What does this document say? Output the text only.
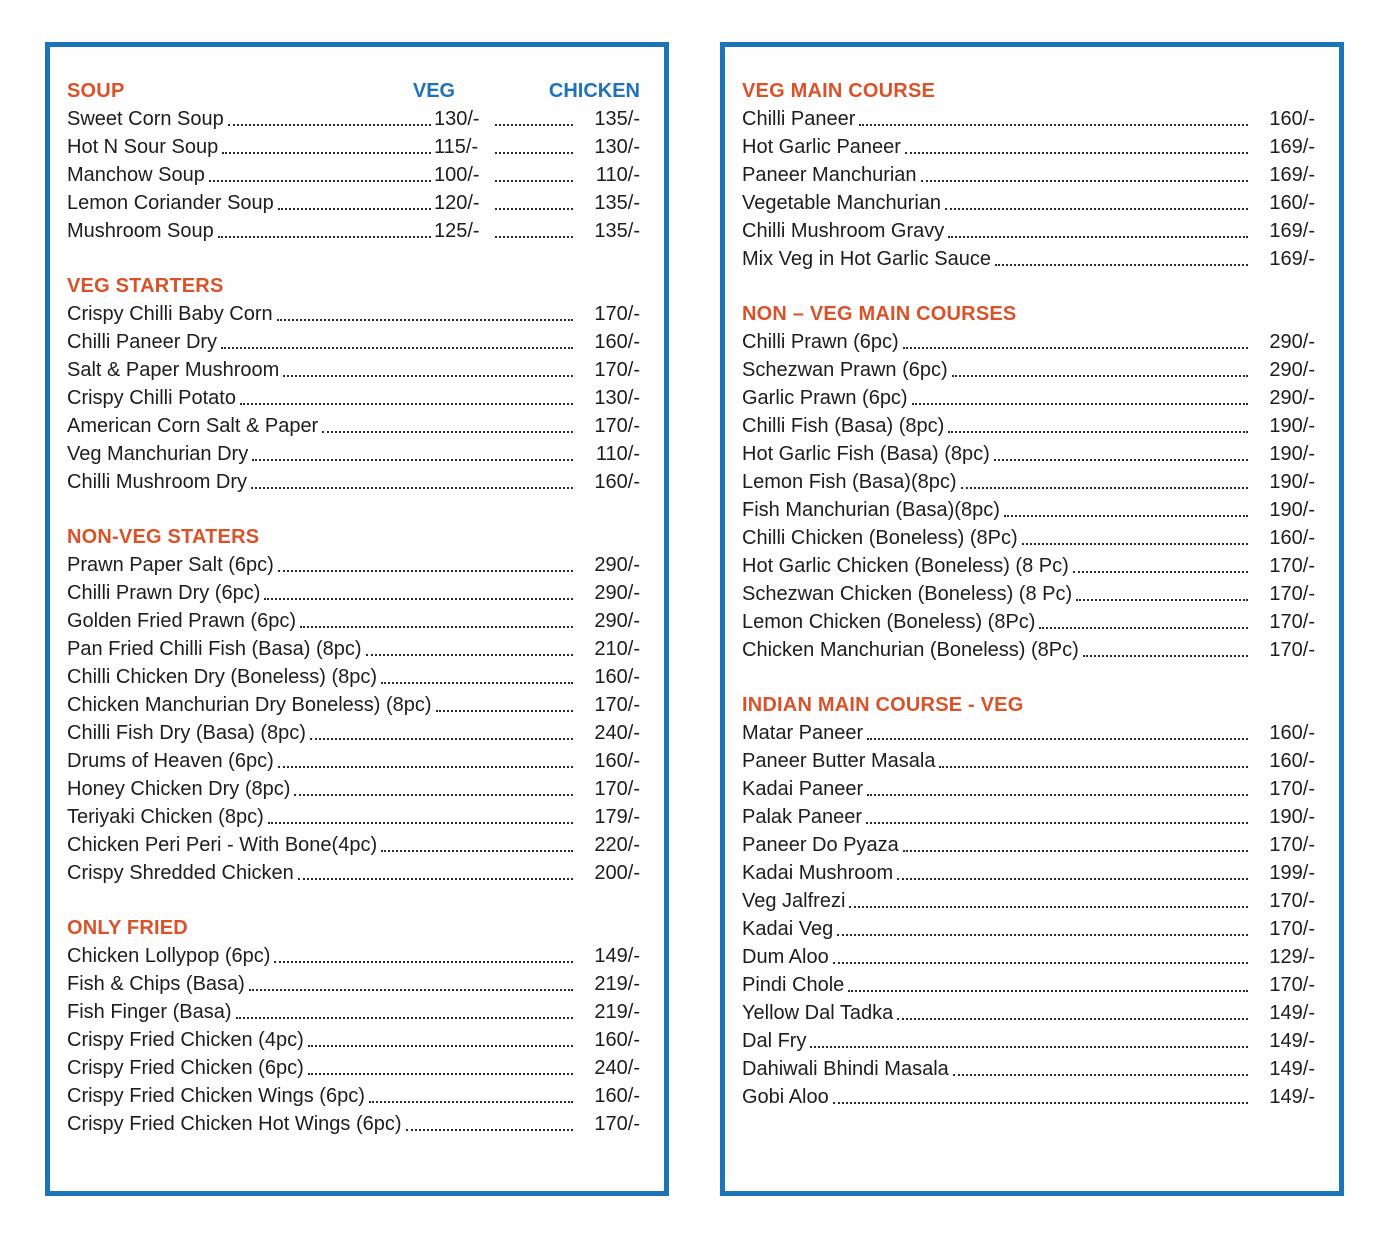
SOUP	VEG	CHICKEN
Sweet Corn Soup	130/-	135/-
Hot N Sour Soup	115/-	130/-
Manchow Soup	100/-	110/-
Lemon Coriander Soup	120/-	135/-
Mushroom Soup	125/-	135/-
VEG STARTERS
Crispy Chilli Baby Corn	170/-
Chilli Paneer Dry	160/-
Salt & Paper Mushroom	170/-
Crispy Chilli Potato	130/-
American Corn Salt & Paper	170/-
Veg Manchurian Dry	110/-
Chilli Mushroom Dry	160/-
NON-VEG STATERS
Prawn Paper Salt (6pc)	290/-
Chilli Prawn Dry (6pc)	290/-
Golden Fried Prawn (6pc)	290/-
Pan Fried Chilli Fish (Basa) (8pc)	210/-
Chilli Chicken Dry (Boneless) (8pc)	160/-
Chicken Manchurian Dry Boneless) (8pc)	170/-
Chilli Fish Dry (Basa) (8pc)	240/-
Drums of Heaven (6pc)	160/-
Honey Chicken Dry (8pc)	170/-
Teriyaki Chicken (8pc)	179/-
Chicken Peri Peri - With Bone(4pc)	220/-
Crispy Shredded Chicken	200/-
ONLY FRIED
Chicken Lollypop (6pc)	149/-
Fish & Chips (Basa)	219/-
Fish Finger (Basa)	219/-
Crispy Fried Chicken (4pc)	160/-
Crispy Fried Chicken (6pc)	240/-
Crispy Fried Chicken Wings (6pc)	160/-
Crispy Fried Chicken Hot Wings (6pc)	170/-
VEG MAIN COURSE
Chilli Paneer	160/-
Hot Garlic Paneer	169/-
Paneer Manchurian	169/-
Vegetable Manchurian	160/-
Chilli Mushroom Gravy	169/-
Mix Veg in Hot Garlic Sauce	169/-
NON – VEG MAIN COURSES
Chilli Prawn (6pc)	290/-
Schezwan Prawn (6pc)	290/-
Garlic Prawn (6pc)	290/-
Chilli Fish (Basa) (8pc)	190/-
Hot Garlic Fish (Basa) (8pc)	190/-
Lemon Fish (Basa)(8pc)	190/-
Fish Manchurian (Basa)(8pc)	190/-
Chilli Chicken (Boneless) (8Pc)	160/-
Hot Garlic Chicken (Boneless) (8 Pc)	170/-
Schezwan Chicken (Boneless) (8 Pc)	170/-
Lemon Chicken (Boneless) (8Pc)	170/-
Chicken Manchurian (Boneless) (8Pc)	170/-
INDIAN MAIN COURSE - VEG
Matar Paneer	160/-
Paneer Butter Masala	160/-
Kadai Paneer	170/-
Palak Paneer	190/-
Paneer Do Pyaza	170/-
Kadai Mushroom	199/-
Veg Jalfrezi	170/-
Kadai Veg	170/-
Dum Aloo	129/-
Pindi Chole	170/-
Yellow Dal Tadka	149/-
Dal Fry	149/-
Dahiwali Bhindi Masala	149/-
Gobi Aloo	149/-
